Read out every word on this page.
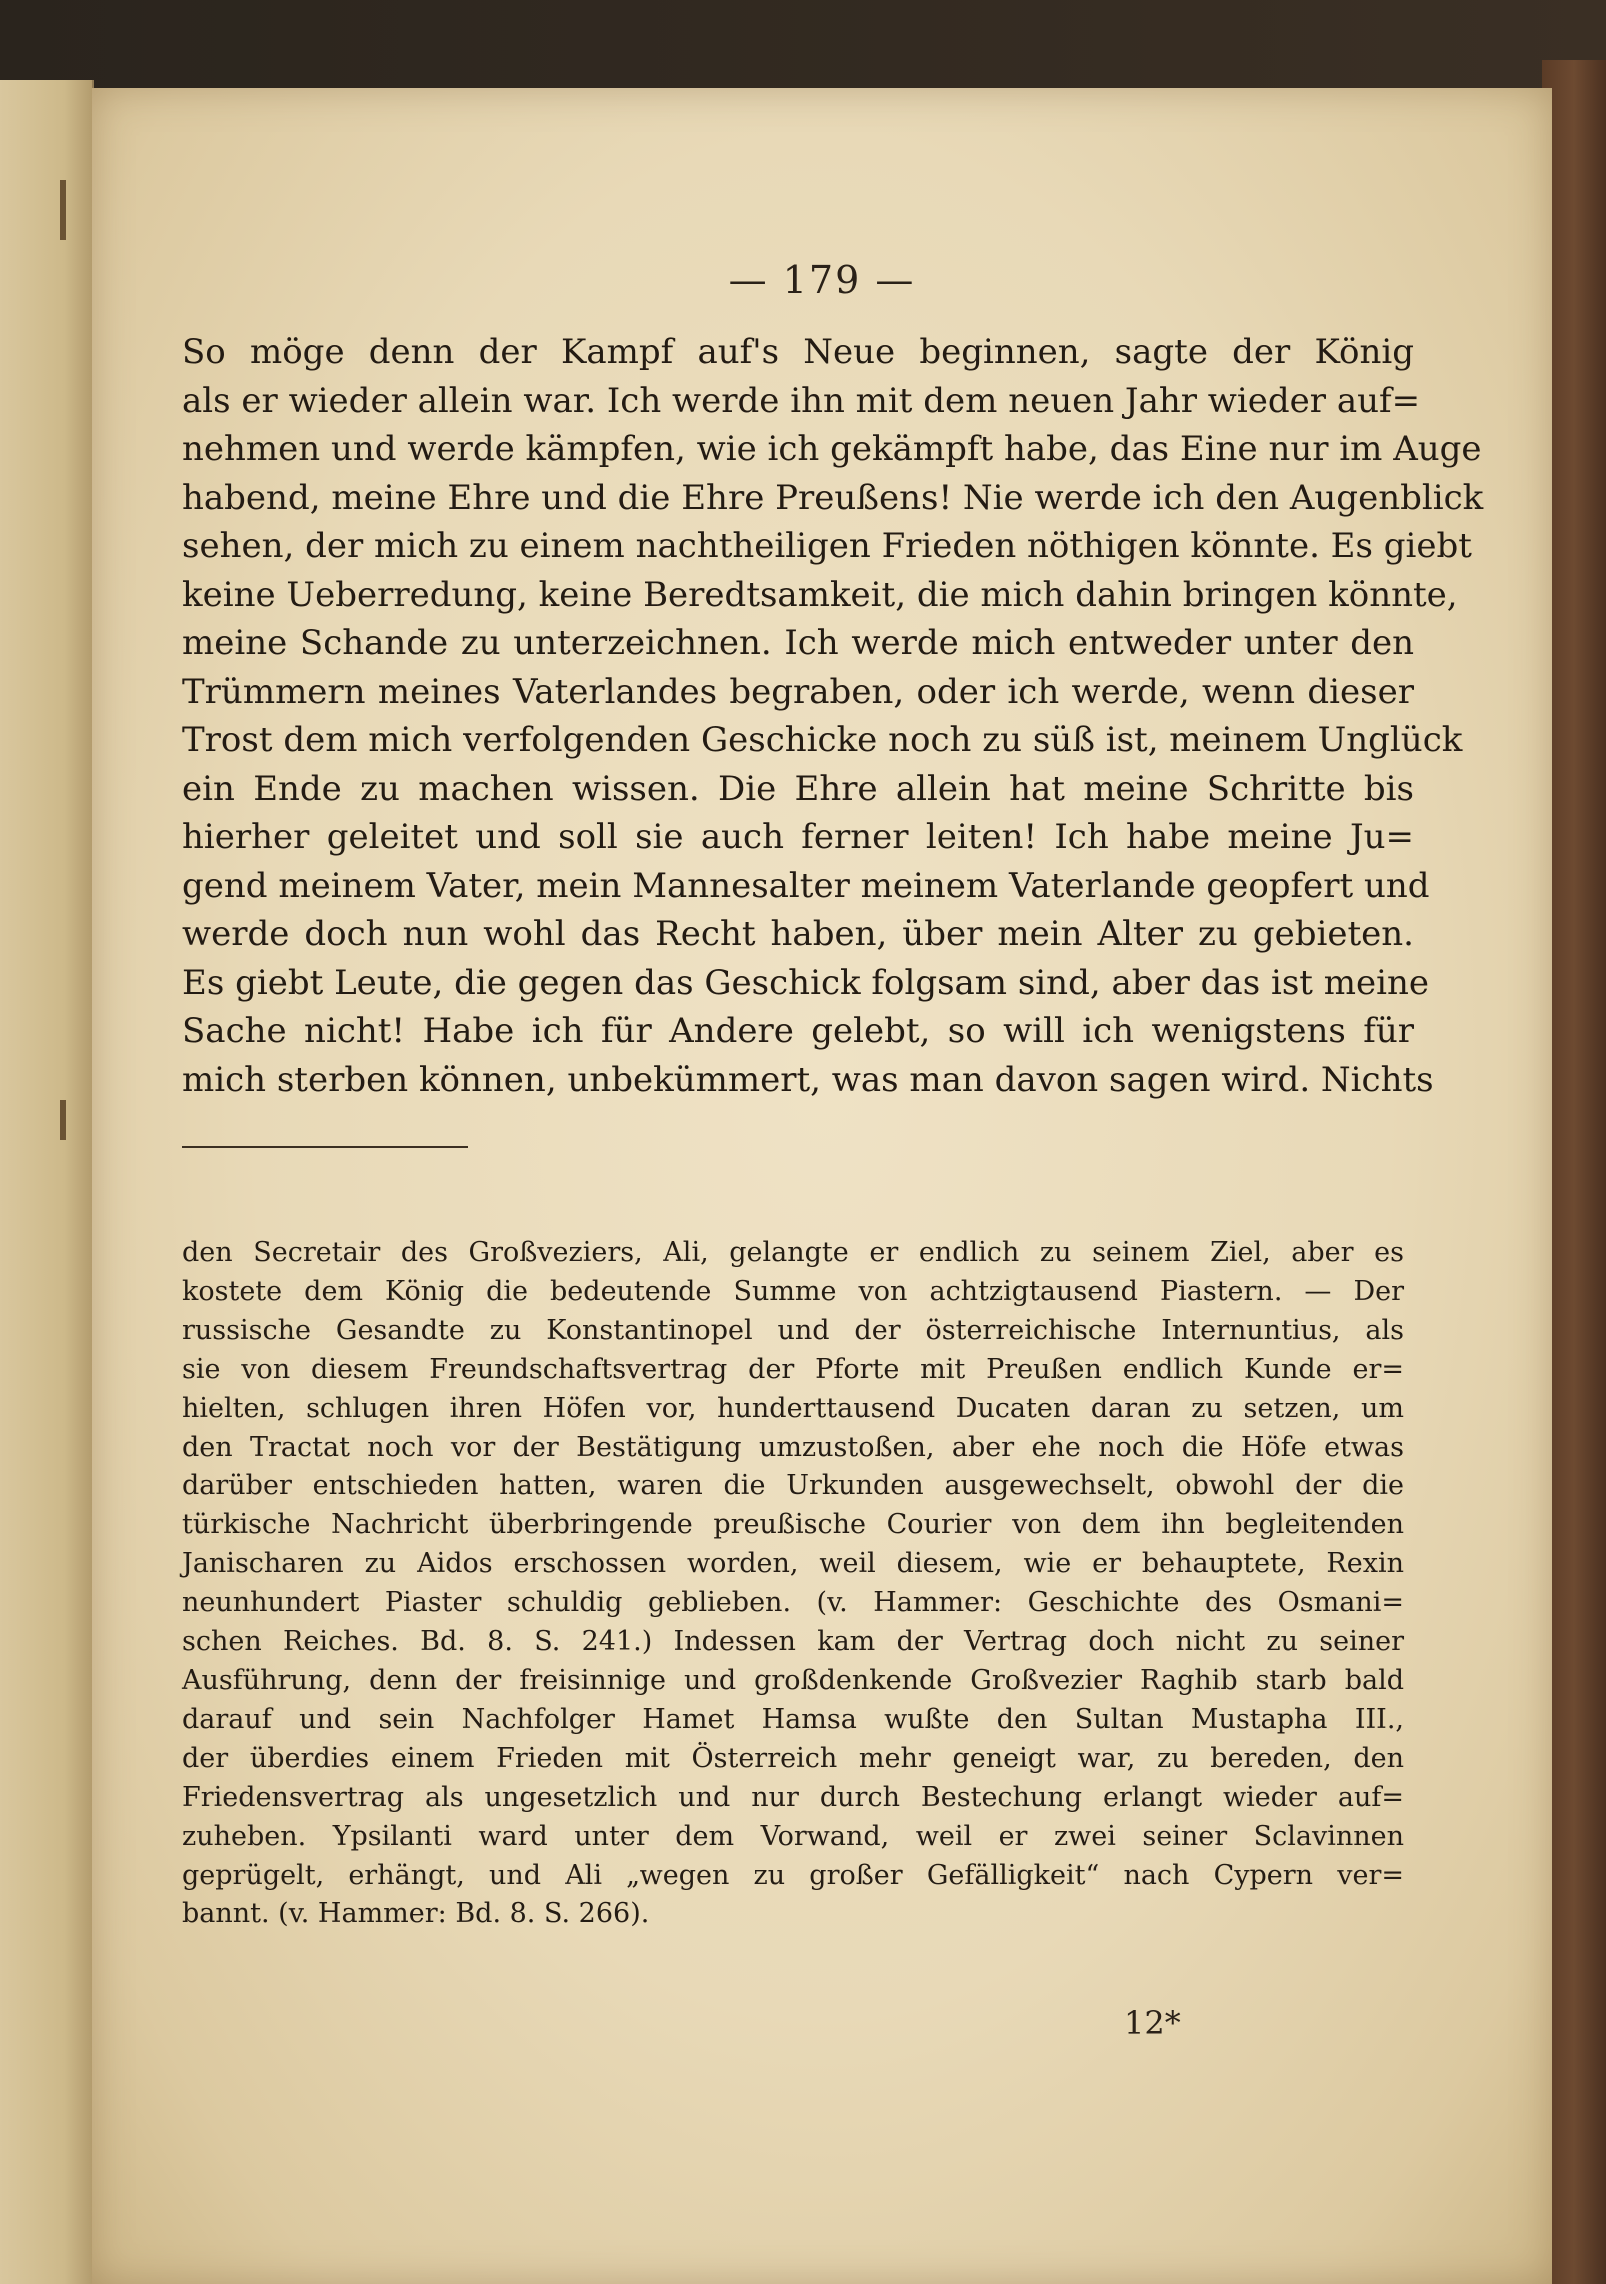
— 179 —
So möge denn der Kampf auf's Neue beginnen, sagte der König
als er wieder allein war. Ich werde ihn mit dem neuen Jahr wieder auf=
nehmen und werde kämpfen, wie ich gekämpft habe, das Eine nur im Auge
habend, meine Ehre und die Ehre Preußens! Nie werde ich den Augenblick
sehen, der mich zu einem nachtheiligen Frieden nöthigen könnte. Es giebt
keine Ueberredung, keine Beredtsamkeit, die mich dahin bringen könnte,
meine Schande zu unterzeichnen. Ich werde mich entweder unter den
Trümmern meines Vaterlandes begraben, oder ich werde, wenn dieser
Trost dem mich verfolgenden Geschicke noch zu süß ist, meinem Unglück
ein Ende zu machen wissen. Die Ehre allein hat meine Schritte bis
hierher geleitet und soll sie auch ferner leiten! Ich habe meine Ju=
gend meinem Vater, mein Mannesalter meinem Vaterlande geopfert und
werde doch nun wohl das Recht haben, über mein Alter zu gebieten.
Es giebt Leute, die gegen das Geschick folgsam sind, aber das ist meine
Sache nicht! Habe ich für Andere gelebt, so will ich wenigstens für
mich sterben können, unbekümmert, was man davon sagen wird. Nichts
den Secretair des Großveziers, Ali, gelangte er endlich zu seinem Ziel, aber es
kostete dem König die bedeutende Summe von achtzigtausend Piastern. — Der
russische Gesandte zu Konstantinopel und der österreichische Internuntius, als
sie von diesem Freundschaftsvertrag der Pforte mit Preußen endlich Kunde er=
hielten, schlugen ihren Höfen vor, hunderttausend Ducaten daran zu setzen, um
den Tractat noch vor der Bestätigung umzustoßen, aber ehe noch die Höfe etwas
darüber entschieden hatten, waren die Urkunden ausgewechselt, obwohl der die
türkische Nachricht überbringende preußische Courier von dem ihn begleitenden
Janischaren zu Aidos erschossen worden, weil diesem, wie er behauptete, Rexin
neunhundert Piaster schuldig geblieben. (v. Hammer: Geschichte des Osmani=
schen Reiches. Bd. 8. S. 241.) Indessen kam der Vertrag doch nicht zu seiner
Ausführung, denn der freisinnige und großdenkende Großvezier Raghib starb bald
darauf und sein Nachfolger Hamet Hamsa wußte den Sultan Mustapha III.,
der überdies einem Frieden mit Österreich mehr geneigt war, zu bereden, den
Friedensvertrag als ungesetzlich und nur durch Bestechung erlangt wieder auf=
zuheben. Ypsilanti ward unter dem Vorwand, weil er zwei seiner Sclavinnen
geprügelt, erhängt, und Ali „wegen zu großer Gefälligkeit“ nach Cypern ver=
bannt. (v. Hammer: Bd. 8. S. 266).
12*
